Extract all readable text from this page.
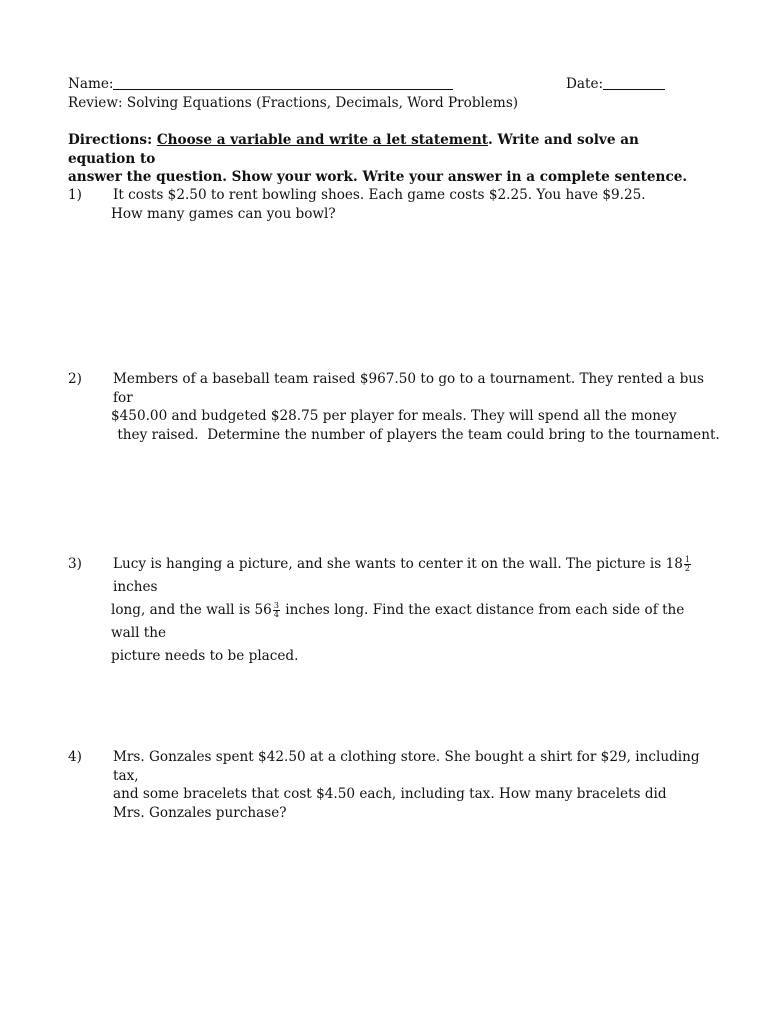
Name:	Date:
Review: Solving Equations (Fractions, Decimals, Word Problems)
Directions: Choose a variable and write a let statement. Write and solve an equation to
answer the question. Show your work. Write your answer in a complete sentence.
1) It costs $2.50 to rent bowling shoes. Each game costs $2.25. You have $9.25.
How many games can you bowl?
2) Members of a baseball team raised $967.50 to go to a tournament. They rented a bus for
$450.00 and budgeted $28.75 per player for meals. They will spend all the money
they raised.  Determine the number of players the team could bring to the tournament.
3) Lucy is hanging a picture, and she wants to center it on the wall. The picture is $18 \frac{1}{2}$
inches
long, and the wall is $56 \frac{3}{4}$ inches long. Find the exact distance from each side of the wall the
picture needs to be placed.
4) Mrs. Gonzales spent $42.50 at a clothing store. She bought a shirt for $29, including tax,
and some bracelets that cost $4.50 each, including tax. How many bracelets did
Mrs. Gonzales purchase?
